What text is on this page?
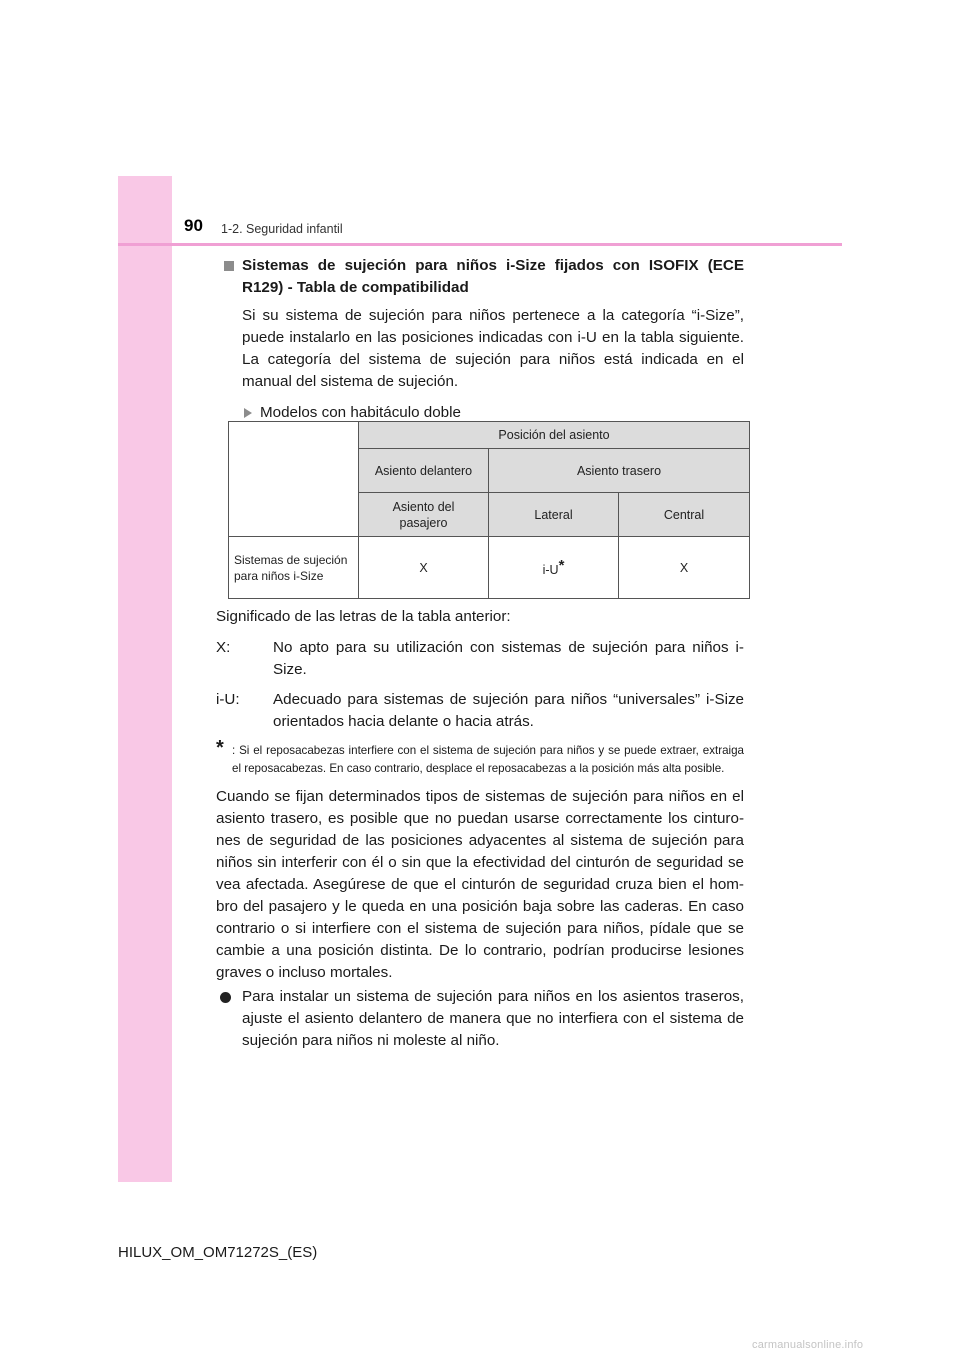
90 1-2. Seguridad infantil
Sistemas de sujeción para niños i-Size fijados con ISOFIX (ECE R129) - Tabla de compatibilidad
Si su sistema de sujeción para niños pertenece a la categoría “i-Size”, puede instalarlo en las posiciones indicadas con i-U en la tabla siguiente. La categoría del sistema de sujeción para niños está indicada en el manual del sistema de sujeción.
Modelos con habitáculo doble
	Posición del asiento		
	Asiento delantero	Asiento trasero	
	Asiento del pasajero	Lateral	Central
Sistemas de sujeción para niños i-Size	X	i-U*	X
Significado de las letras de la tabla anterior:
X:	No apto para su utilización con sistemas de sujeción para niños i-Size.
i-U:	Adecuado para sistemas de sujeción para niños “universales” i-Size orientados hacia delante o hacia atrás.
* : Si el reposacabezas interfiere con el sistema de sujeción para niños y se puede extraer, extraiga el reposacabezas. En caso contrario, desplace el reposacabezas a la posición más alta posible.
Cuando se fijan determinados tipos de sistemas de sujeción para niños en el asiento trasero, es posible que no puedan usarse correctamente los cinturo-nes de seguridad de las posiciones adyacentes al sistema de sujeción para niños sin interferir con él o sin que la efectividad del cinturón de seguridad se vea afectada. Asegúrese de que el cinturón de seguridad cruza bien el hom-bro del pasajero y le queda en una posición baja sobre las caderas. En caso contrario o si interfiere con el sistema de sujeción para niños, pídale que se cambie a una posición distinta. De lo contrario, podrían producirse lesiones graves o incluso mortales.
Para instalar un sistema de sujeción para niños en los asientos traseros, ajuste el asiento delantero de manera que no interfiera con el sistema de sujeción para niños ni moleste al niño.
HILUX_OM_OM71272S_(ES)
carmanualsonline.info
